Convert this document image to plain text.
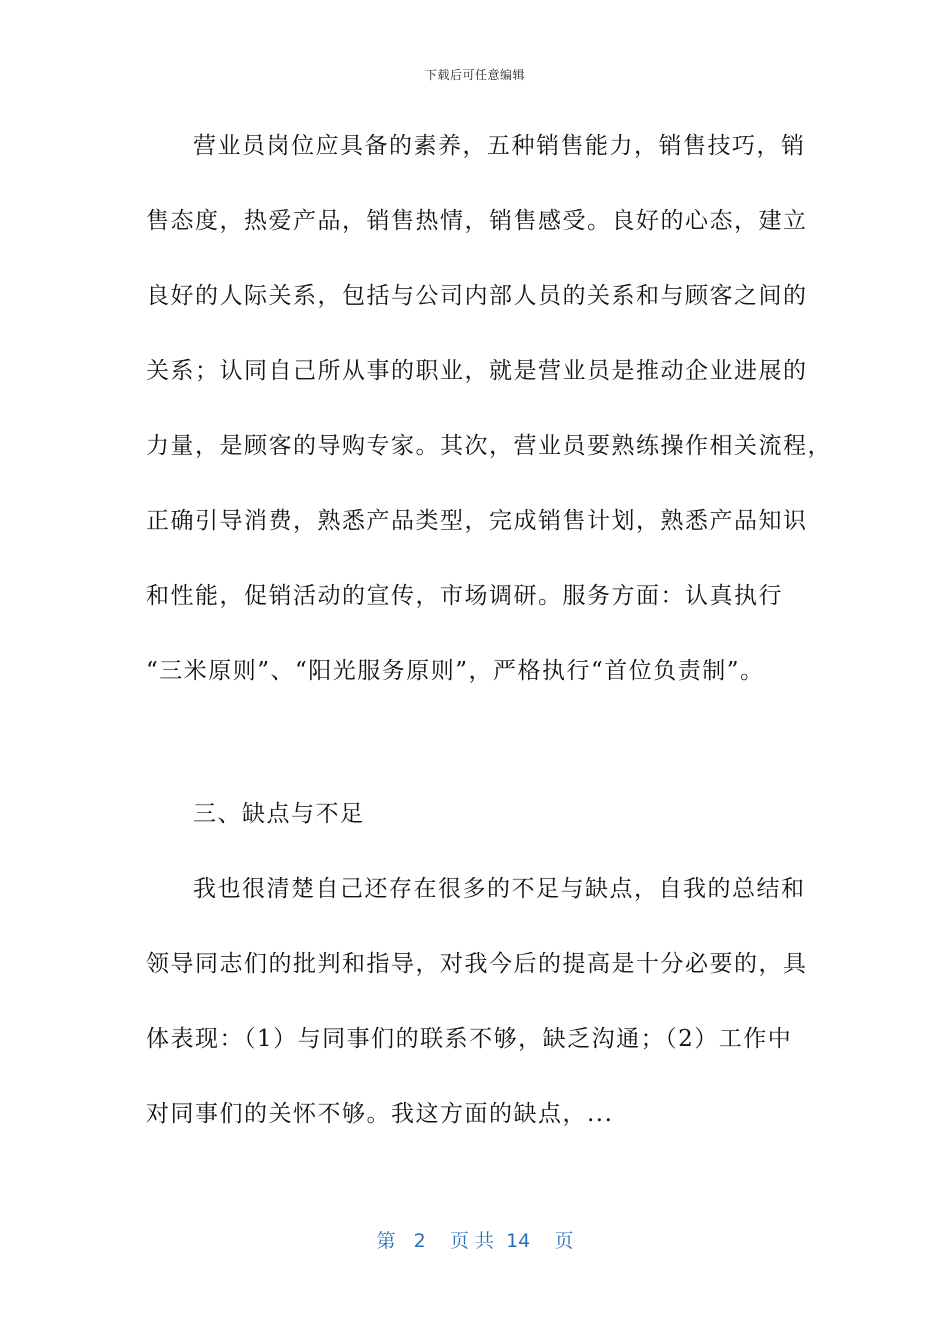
下载后可任意编辑
营业员岗位应具备的素养，五种销售能力，销售技巧，销
售态度，热爱产品，销售热情，销售感受。良好的心态，建立
良好的人际关系，包括与公司内部人员的关系和与顾客之间的
关系；认同自己所从事的职业，就是营业员是推动企业进展的
力量，是顾客的导购专家。其次，营业员要熟练操作相关流程，
正确引导消费，熟悉产品类型，完成销售计划，熟悉产品知识
和性能，促销活动的宣传，市场调研。服务方面：认真执行
“三米原则”、“阳光服务原则”，严格执行“首位负责制”。
三、缺点与不足
我也很清楚自己还存在很多的不足与缺点，自我的总结和
领导同志们的批判和指导，对我今后的提高是十分必要的，具
体表现：（1）与同事们的联系不够，缺乏沟通；（2）工作中
对同事们的关怀不够。我这方面的缺点，...
第 2 页 共 14 页
